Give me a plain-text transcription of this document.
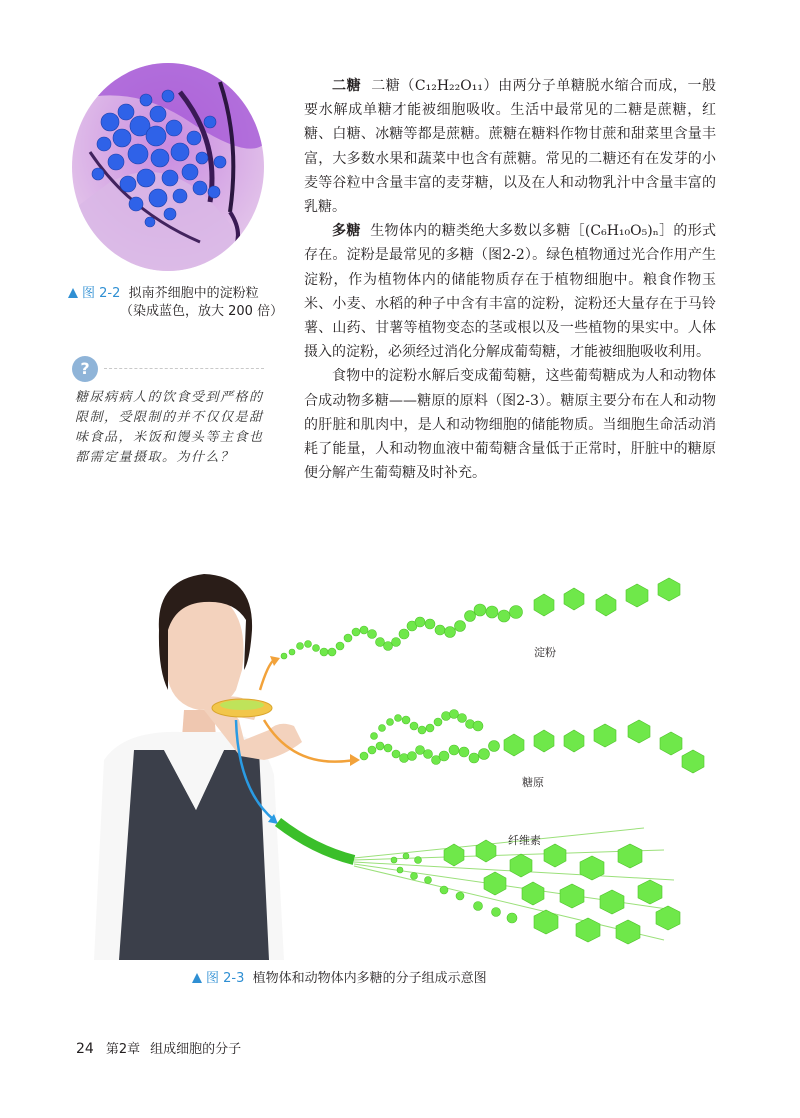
图 2-2 拟南芥细胞中的淀粉粒
（染成蓝色，放大 200 倍）
?
糖尿病病人的饮食受到严格的限制，受限制的并不仅仅是甜味食品，米饭和馒头等主食也都需定量摄取。为什么？

二糖 二糖（C₁₂H₂₂O₁₁）由两分子单糖脱水缩合而成，一般要水解成单糖才能被细胞吸收。生活中最常见的二糖是蔗糖，红糖、白糖、冰糖等都是蔗糖。蔗糖在糖料作物甘蔗和甜菜里含量丰富，大多数水果和蔬菜中也含有蔗糖。常见的二糖还有在发芽的小麦等谷粒中含量丰富的麦芽糖，以及在人和动物乳汁中含量丰富的乳糖。

多糖 生物体内的糖类绝大多数以多糖［(C₆H₁₀O₅)ₙ］的形式存在。淀粉是最常见的多糖（图2-2）。绿色植物通过光合作用产生淀粉，作为植物体内的储能物质存在于植物细胞中。粮食作物玉米、小麦、水稻的种子中含有丰富的淀粉，淀粉还大量存在于马铃薯、山药、甘薯等植物变态的茎或根以及一些植物的果实中。人体摄入的淀粉，必须经过消化分解成葡萄糖，才能被细胞吸收利用。

食物中的淀粉水解后变成葡萄糖，这些葡萄糖成为人和动物体合成动物多糖——糖原的原料（图2-3）。糖原主要分布在人和动物的肝脏和肌肉中，是人和动物细胞的储能物质。当细胞生命活动消耗了能量，人和动物血液中葡萄糖含量低于正常时，肝脏中的糖原便分解产生葡萄糖及时补充。

淀粉
糖原
纤维素
图 2-3 植物体和动物体内多糖的分子组成示意图
24 第2章 组成细胞的分子
